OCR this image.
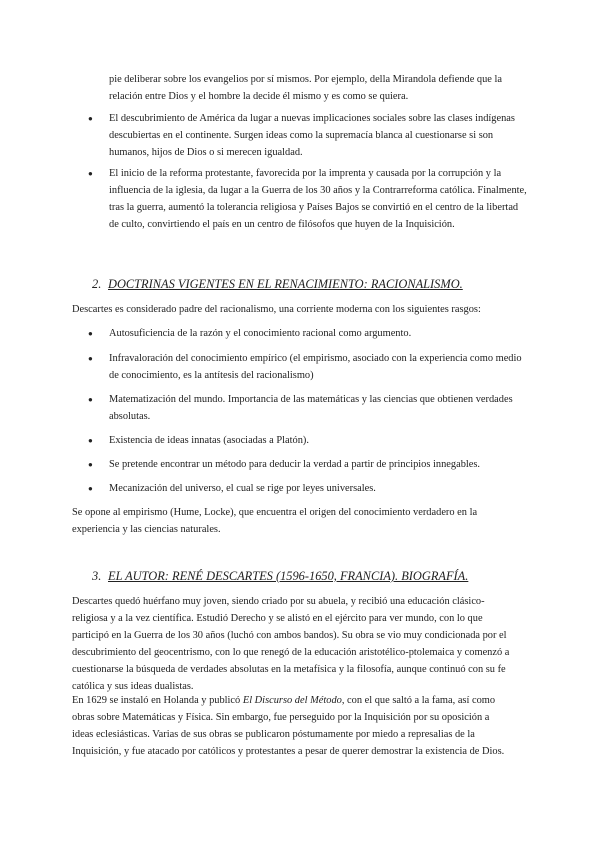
pie deliberar sobre los evangelios por sí mismos. Por ejemplo, della Mirandola defiende que la relación entre Dios y el hombre la decide él mismo y es como se quiera.

● El descubrimiento de América da lugar a nuevas implicaciones sociales sobre las clases indígenas descubiertas en el continente. Surgen ideas como la supremacía blanca al cuestionarse si son humanos, hijos de Dios o si merecen igualdad.

● El inicio de la reforma protestante, favorecida por la imprenta y causada por la corrupción y la influencia de la iglesia, da lugar a la Guerra de los 30 años y la Contrarreforma católica. Finalmente, tras la guerra, aumentó la tolerancia religiosa y Países Bajos se convirtió en el centro de la libertad de culto, convirtiendo el país en un centro de filósofos que huyen de la Inquisición.

2. DOCTRINAS VIGENTES EN EL RENACIMIENTO: RACIONALISMO.

Descartes es considerado padre del racionalismo, una corriente moderna con los siguientes rasgos:

● Autosuficiencia de la razón y el conocimiento racional como argumento.

● Infravaloración del conocimiento empírico (el empirismo, asociado con la experiencia como medio de conocimiento, es la antítesis del racionalismo)

● Matematización del mundo. Importancia de las matemáticas y las ciencias que obtienen verdades absolutas.

● Existencia de ideas innatas (asociadas a Platón).

● Se pretende encontrar un método para deducir la verdad a partir de principios innegables.

● Mecanización del universo, el cual se rige por leyes universales.

Se opone al empirismo (Hume, Locke), que encuentra el origen del conocimiento verdadero en la experiencia y las ciencias naturales.

3. EL AUTOR: RENÉ DESCARTES (1596-1650, FRANCIA). BIOGRAFÍA.

Descartes quedó huérfano muy joven, siendo criado por su abuela, y recibió una educación clásico-religiosa y a la vez científica. Estudió Derecho y se alistó en el ejército para ver mundo, con lo que participó en la Guerra de los 30 años (luchó con ambos bandos). Su obra se vio muy condicionada por el descubrimiento del geocentrismo, con lo que renegó de la educación aristotélico-ptolemaica y comenzó a cuestionarse la búsqueda de verdades absolutas en la metafísica y la filosofía, aunque continuó con su fe católica y sus ideas dualistas.

En 1629 se instaló en Holanda y publicó El Discurso del Método, con el que saltó a la fama, así como obras sobre Matemáticas y Física. Sin embargo, fue perseguido por la Inquisición por su oposición a ideas eclesiásticas. Varias de sus obras se publicaron póstumamente por miedo a represalias de la Inquisición, y fue atacado por católicos y protestantes a pesar de querer demostrar la existencia de Dios.
